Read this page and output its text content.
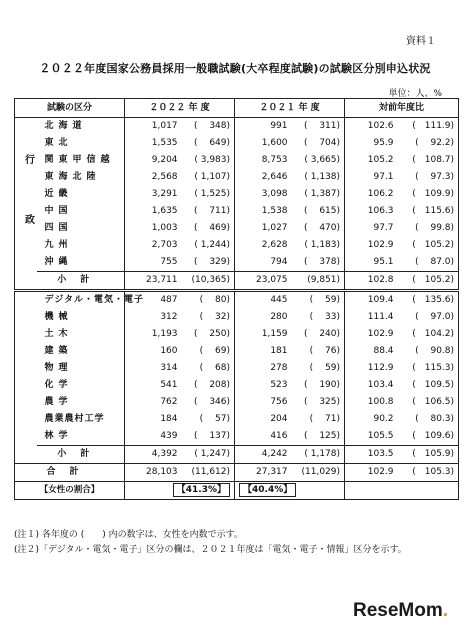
資料１
２０２２年度国家公務員採用一般職試験(大卒程度試験)の試験区分別申込状況
単位：人、%
試験の区分		２０２２ 年 度		２０２１ 年 度		対前年度比	
行政	北海道	1,017	(　 348)	991	(　 311)	102.6	(　111.9)
	東北	1,535	(　 649)	1,600	(　 704)	95.9	(　 92.2)
	関東甲信越	9,204	( 3,983)	8,753	( 3,665)	105.2	(　108.7)
	東海北陸	2,568	( 1,107)	2,646	( 1,138)	97.1	(　 97.3)
	近畿	3,291	( 1,525)	3,098	( 1,387)	106.2	(　109.9)
	中国	1,635	(　 711)	1,538	(　 615)	106.3	(　115.6)
	四国	1,003	(　 469)	1,027	(　 470)	97.7	(　 99.8)
	九州	2,703	( 1,244)	2,628	( 1,183)	102.9	(　105.2)
	沖縄	755	(　 329)	794	(　 378)	95.1	(　 87.0)
	小計	23,711	(10,365)	23,075	(9,851)	102.8	(　105.2)
	デジタル・電気・電子	487	(　 80)	445	(　 59)	109.4	(　135.6)
	機械	312	(　 32)	280	(　 33)	111.4	(　 97.0)
	土木	1,193	(　 250)	1,159	(　 240)	102.9	(　104.2)
	建築	160	(　 69)	181	(　 76)	88.4	(　 90.8)
	物理	314	(　 68)	278	(　 59)	112.9	(　115.3)
	化学	541	(　 208)	523	(　 190)	103.4	(　109.5)
	農学	762	(　 346)	756	(　 325)	100.8	(　106.5)
	農業農村工学	184	(　 57)	204	(　 71)	90.2	(　 80.3)
	林学	439	(　 137)	416	(　 125)	105.5	(　109.6)
	小計	4,392	( 1,247)	4,242	( 1,178)	103.5	(　105.9)
合計		28,103	(11,612)	27,317	(11,029)	102.9	(　105.3)
【女性の割合】		【41.3%】		【40.4%】			
(注１) 各年度の (　　) 内の数字は、女性を内数で示す。
(注２)「デジタル・電気・電子」区分の欄は、２０２１年度は「電気・電子・情報」区分を示す。
ReseMom.
